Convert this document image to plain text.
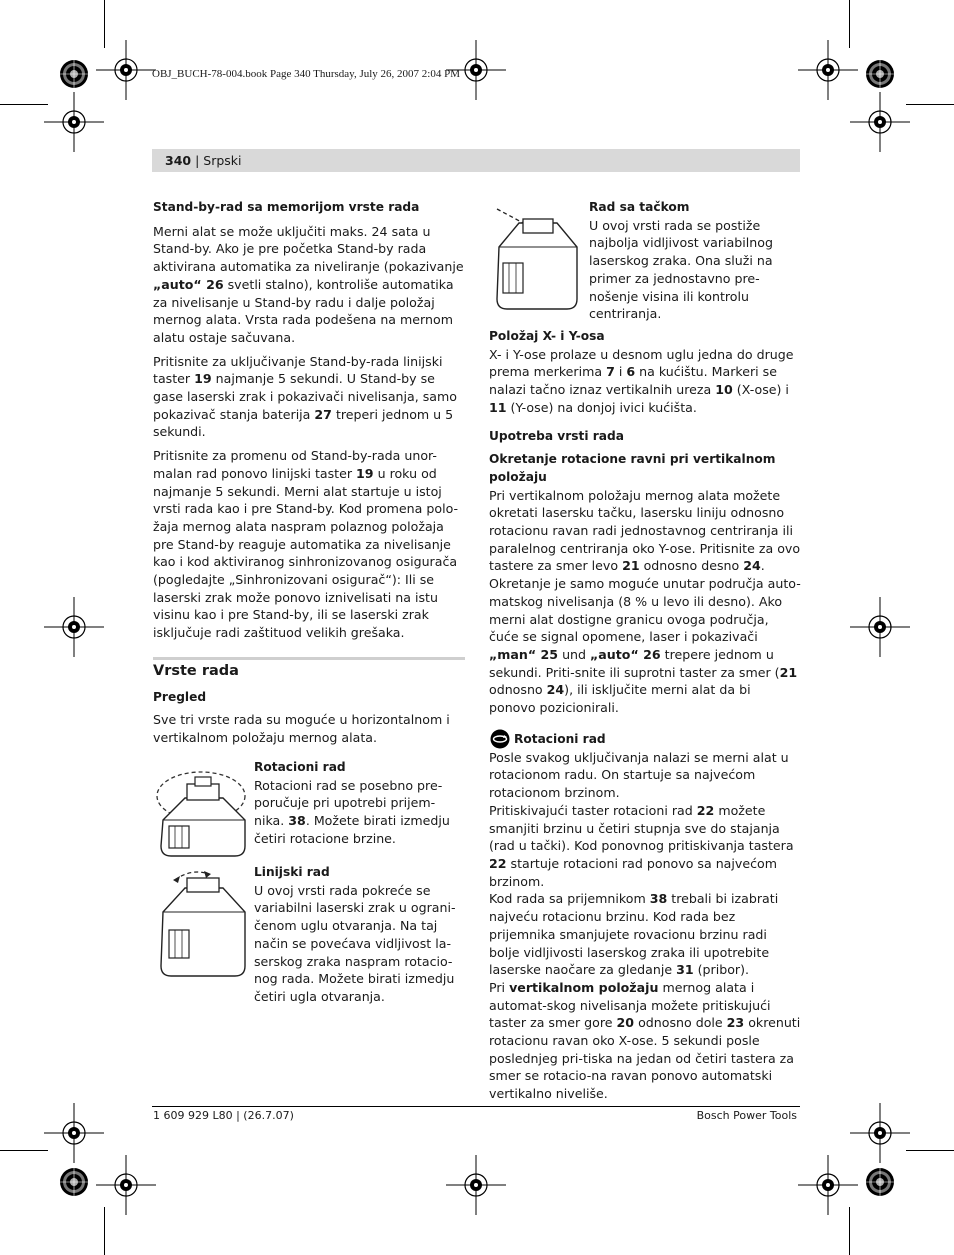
OBJ_BUCH-78-004.book Page 340 Thursday, July 26, 2007 2:04 PM
340 | Srpski

Stand-by-rad sa memorijom vrste rada

Merni alat se može uključiti maks. 24 sata u Stand-by. Ako je pre početka Stand-by rada aktivirana automatika za niveliranje (pokazivanje „auto“ 26 svetli stalno), kontroliše automatika za nivelisanje u Stand-by radu i dalje položaj mernog alata. Vrsta rada podešena na mernom alatu ostaje sačuvana.

Pritisnite za uključivanje Stand-by-rada linijski taster 19 najmanje 5 sekundi. U Stand-by se gase laserski zrak i pokazivači nivelisanja, samo pokazivač stanja baterija 27 treperi jednom u 5 sekundi.

Pritisnite za promenu od Stand-by-rada unor-malan rad ponovo linijski taster 19 u roku od najmanje 5 sekundi. Merni alat startuje u istoj vrsti rada kao i pre Stand-by. Kod promena polo-žaja mernog alata naspram polaznog položaja pre Stand-by reaguje automatika za nivelisanje kao i kod aktiviranog sinhronizovanog osigurača (pogledajte „Sinhronizovani osigurač“): Ili se laserski zrak može ponovo iznivelisati na istu visinu kao i pre Stand-by, ili se laserski zrak isključuje radi zaštituod velikih grešaka.

Vrste rada

Pregled

Sve tri vrste rada su moguće u horizontalnom i vertikalnom položaju mernog alata.

Rotacioni rad

Rotacioni rad se posebno pre-poručuje pri upotrebi prijem-nika. 38. Možete birati izmedju četiri rotacione brzine.

Linijski rad

U ovoj vrsti rada pokreće se variabilni laserski zrak u ograni-čenom uglu otvaranja. Na taj način se povećava vidljivost la-serskog zraka naspram rotacio-nog rada. Možete birati izmedju četiri ugla otvaranja.

Rad sa tačkom

U ovoj vrsti rada se postiže najbolja vidljivost variabilnog laserskog zraka. Ona služi na primer za jednostavno pre-nošenje visina ili kontrolu centriranja.

Položaj X- i Y-osa

X- i Y-ose prolaze u desnom uglu jedna do druge prema merkerima 7 i 6 na kućištu. Markeri se nalazi tačno iznaz vertikalnih ureza 10 (X-ose) i 11 (Y-ose) na donjoj ivici kućišta.

Upotreba vrsti rada

Okretanje rotacione ravni pri vertikalnom položaju

Pri vertikalnom položaju mernog alata možete okretati lasersku tačku, lasersku liniju odnosno rotacionu ravan radi jednostavnog centriranja ili paralelnog centriranja oko Y-ose. Pritisnite za ovo tastere za smer levo 21 odnosno desno 24.

Okretanje je samo moguće unutar područja auto-matskog nivelisanja (8 % u levo ili desno). Ako merni alat dostigne granicu ovoga područja, čuće se signal opomene, laser i pokazivači „man“ 25 und „auto“ 26 trepere jednom u sekundi. Priti-snite ili suprotni taster za smer (21 odnosno 24), ili isključite merni alat da bi ponovo pozicionirali.

Rotacioni rad

Posle svakog uključivanja nalazi se merni alat u rotacionom radu. On startuje sa najvećom rotacionom brzinom.

Pritiskivajući taster rotacioni rad 22 možete smanjiti brzinu u četiri stupnja sve do stajanja (rad u tački). Kod ponovnog pritiskivanja tastera 22 startuje rotacioni rad ponovo sa najvećom brzinom.

Kod rada sa prijemnikom 38 trebali bi izabrati najveću rotacionu brzinu. Kod rada bez prijemnika smanjujete rovacionu brzinu radi bolje vidljivosti laserskog zraka ili upotrebite laserske naočare za gledanje 31 (pribor).

Pri vertikalnom položaju mernog alata i automat-skog nivelisanja možete pritiskujući taster za smer gore 20 odnosno dole 23 okrenuti rotacionu ravan oko X-ose. 5 sekundi posle poslednjeg pri-tiska na jedan od četiri tastera za smer se rotacio-na ravan ponovo automatski vertikalno niveliše.

1 609 929 L80 | (26.7.07)	Bosch Power Tools
